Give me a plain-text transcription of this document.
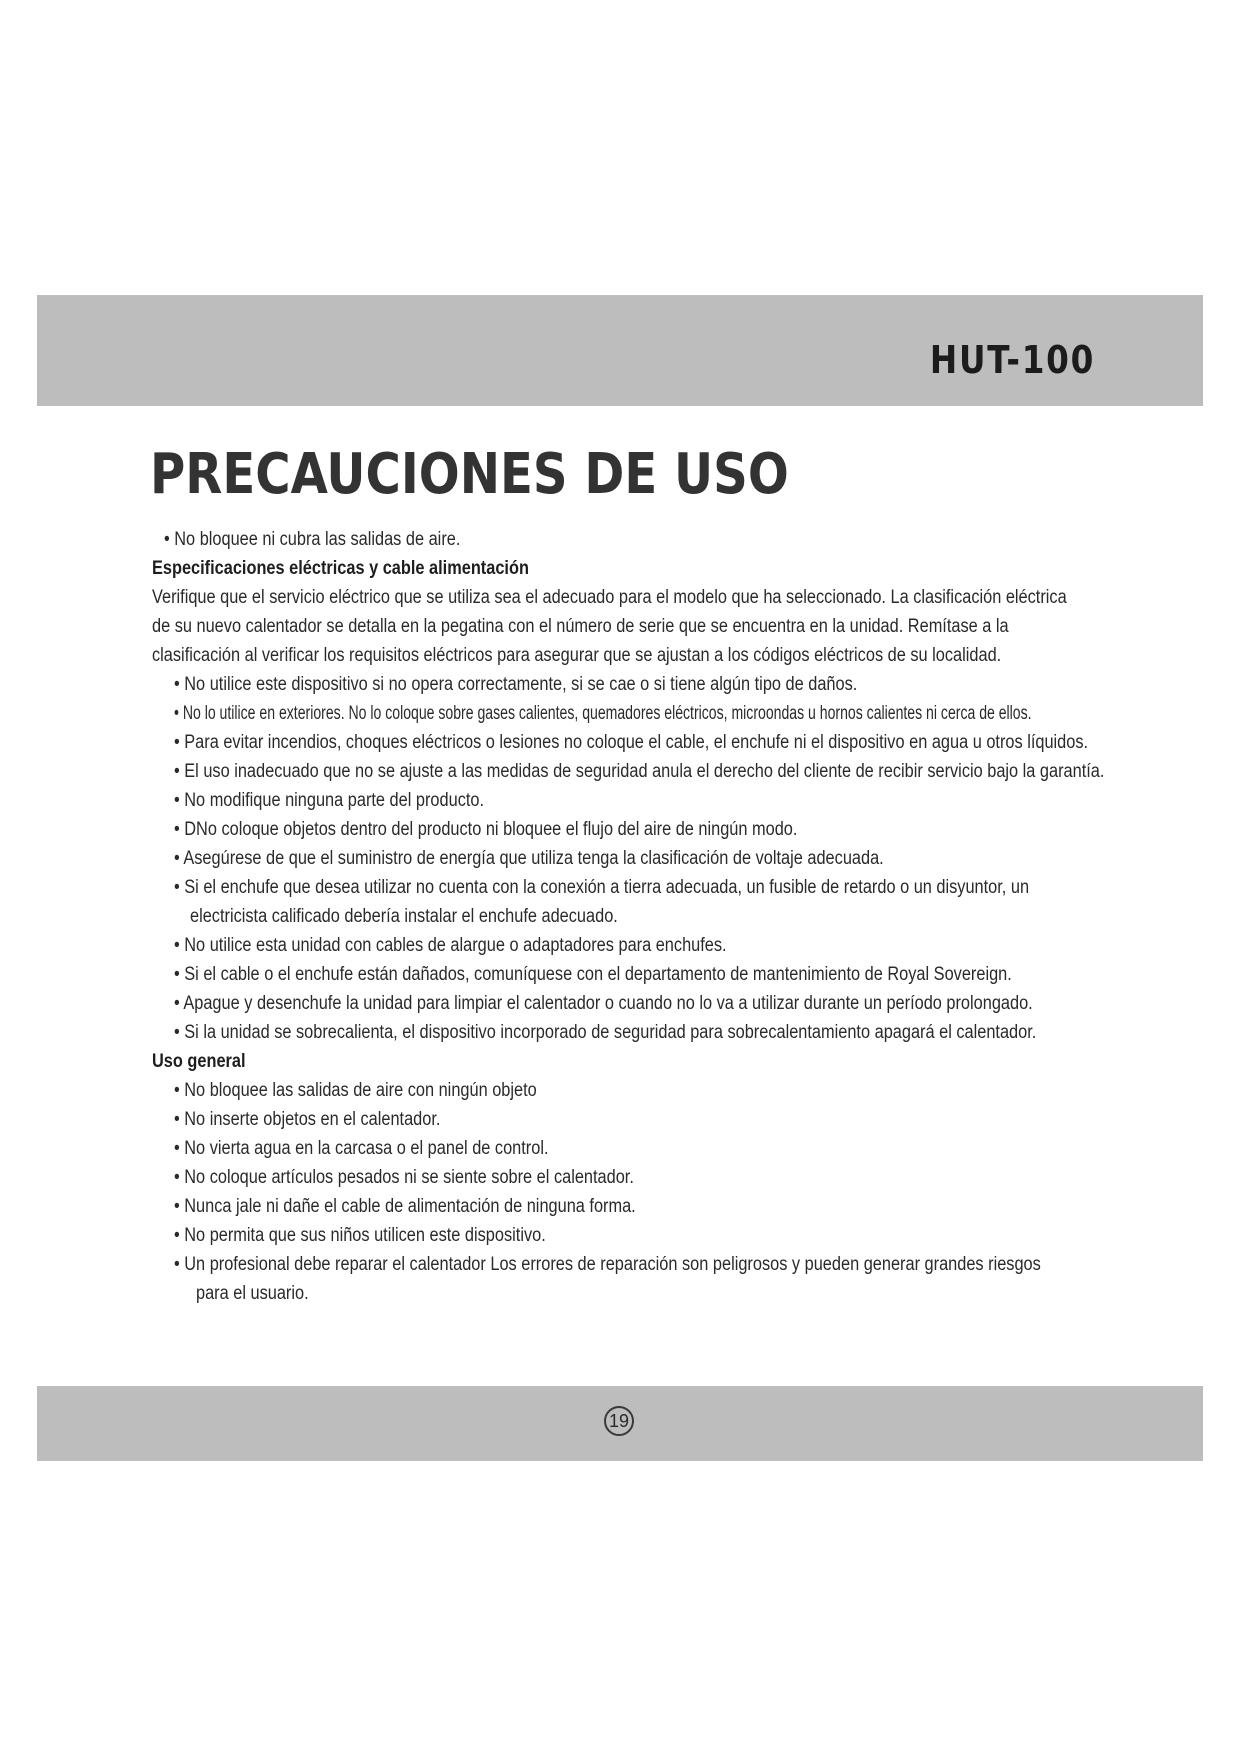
HUT-100
PRECAUCIONES DE USO
• No bloquee ni cubra las salidas de aire.
Especificaciones eléctricas y cable alimentación
Verifique que el servicio eléctrico que se utiliza sea el adecuado para el modelo que ha seleccionado. La clasificación eléctrica
de su nuevo calentador se detalla en la pegatina con el número de serie que se encuentra en la unidad. Remítase a la
clasificación al verificar los requisitos eléctricos para asegurar que se ajustan a los códigos eléctricos de su localidad.
• No utilice este dispositivo si no opera correctamente, si se cae o si tiene algún tipo de daños.
• No lo utilice en exteriores. No lo coloque sobre gases calientes, quemadores eléctricos, microondas u hornos calientes ni cerca de ellos.
• Para evitar incendios, choques eléctricos o lesiones no coloque el cable, el enchufe ni el dispositivo en agua u otros líquidos.
• El uso inadecuado que no se ajuste a las medidas de seguridad anula el derecho del cliente de recibir servicio bajo la garantía.
• No modifique ninguna parte del producto.
• DNo coloque objetos dentro del producto ni bloquee el flujo del aire de ningún modo.
• Asegúrese de que el suministro de energía que utiliza tenga la clasificación de voltaje adecuada.
• Si el enchufe que desea utilizar no cuenta con la conexión a tierra adecuada, un fusible de retardo o un disyuntor, un
electricista calificado debería instalar el enchufe adecuado.
• No utilice esta unidad con cables de alargue o adaptadores para enchufes.
• Si el cable o el enchufe están dañados, comuníquese con el departamento de mantenimiento de Royal Sovereign.
• Apague y desenchufe la unidad para limpiar el calentador o cuando no lo va a utilizar durante un período prolongado.
• Si la unidad se sobrecalienta, el dispositivo incorporado de seguridad para sobrecalentamiento apagará el calentador.
Uso general
• No bloquee las salidas de aire con ningún objeto
• No inserte objetos en el calentador.
• No vierta agua en la carcasa o el panel de control.
• No coloque artículos pesados ni se siente sobre el calentador.
• Nunca jale ni dañe el cable de alimentación de ninguna forma.
• No permita que sus niños utilicen este dispositivo.
• Un profesional debe reparar el calentador Los errores de reparación son peligrosos y pueden generar grandes riesgos
para el usuario.
19
